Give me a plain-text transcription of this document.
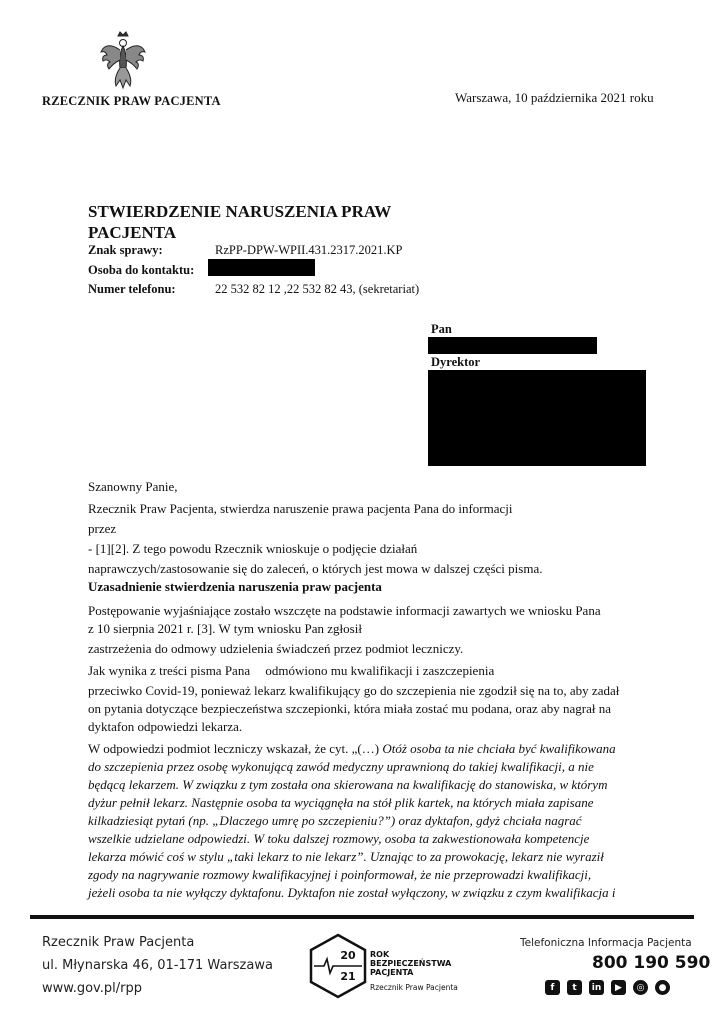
RZECZNIK PRAW PACJENTA	Warszawa, 10 października 2021 roku
STWIERDZENIE NARUSZENIA PRAW
PACJENTA
Znak sprawy:	RzPP-DPW-WPII.431.2317.2021.KP
Osoba do kontaktu:
Numer telefonu:	22 532 82 12 ,22 532 82 43, (sekretariat)
Pan
Dyrektor
Szanowny Panie,
Rzecznik Praw Pacjenta, stwierdza naruszenie prawa pacjenta Pana do informacji
przez
- [1][2]. Z tego powodu Rzecznik wnioskuje o podjęcie działań
naprawczych/zastosowanie się do zaleceń, o których jest mowa w dalszej części pisma.
Uzasadnienie stwierdzenia naruszenia praw pacjenta
Postępowanie wyjaśniające zostało wszczęte na podstawie informacji zawartych we wniosku Pana
z 10 sierpnia 2021 r. [3]. W tym wniosku Pan zgłosił
zastrzeżenia do odmowy udzielenia świadczeń przez podmiot leczniczy.
Jak wynika z treści pisma Pana odmówiono mu kwalifikacji i zaszczepienia
przeciwko Covid-19, ponieważ lekarz kwalifikujący go do szczepienia nie zgodził się na to, aby zadał
on pytania dotyczące bezpieczeństwa szczepionki, która miała zostać mu podana, oraz aby nagrał na
dyktafon odpowiedzi lekarza.
W odpowiedzi podmiot leczniczy wskazał, że cyt. „(…) Otóż osoba ta nie chciała być kwalifikowana
do szczepienia przez osobę wykonującą zawód medyczny uprawnioną do takiej kwalifikacji, a nie
będącą lekarzem. W związku z tym została ona skierowana na kwalifikację do stanowiska, w którym
dyżur pełnił lekarz. Następnie osoba ta wyciągnęła na stół plik kartek, na których miała zapisane
kilkadziesiąt pytań (np. „Dlaczego umrę po szczepieniu?”) oraz dyktafon, gdyż chciała nagrać
wszelkie udzielane odpowiedzi. W toku dalszej rozmowy, osoba ta zakwestionowała kompetencje
lekarza mówić coś w stylu „taki lekarz to nie lekarz”. Uznając to za prowokację, lekarz nie wyraził
zgody na nagrywanie rozmowy kwalifikacyjnej i poinformował, że nie przeprowadzi kwalifikacji,
jeżeli osoba ta nie wyłączy dyktafonu. Dyktafon nie został wyłączony, w związku z czym kwalifikacja i
Rzecznik Praw Pacjenta
ul. Młynarska 46, 01-171 Warszawa
www.gov.pl/rpp
20
21
ROK
BEZPIECZEŃSTWA
PACJENTA
Rzecznik Praw Pacjenta
Telefoniczna Informacja Pacjenta
800 190 590
f	t	in	▶	◎	●
